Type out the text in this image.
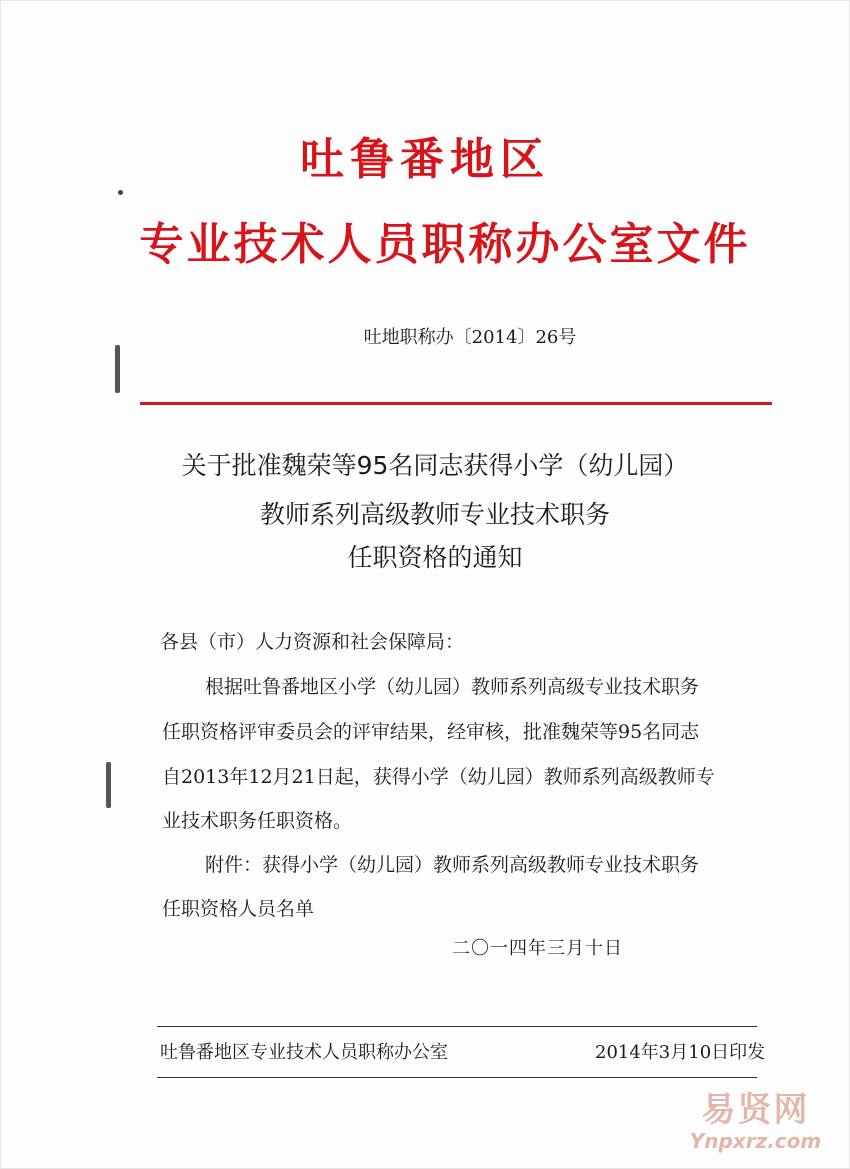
吐鲁番地区
专业技术人员职称办公室文件
吐地职称办〔2014〕26号
关于批准魏荣等95名同志获得小学（幼儿园）
教师系列高级教师专业技术职务
任职资格的通知
各县（市）人力资源和社会保障局：
根据吐鲁番地区小学（幼儿园）教师系列高级专业技术职务
任职资格评审委员会的评审结果，经审核，批准魏荣等95名同志
自2013年12月21日起，获得小学（幼儿园）教师系列高级教师专
业技术职务任职资格。
附件：获得小学（幼儿园）教师系列高级教师专业技术职务
任职资格人员名单
二〇一四年三月十日
吐鲁番地区专业技术人员职称办公室	2014年3月10日印发
易贤网
Ynpxrz.com
